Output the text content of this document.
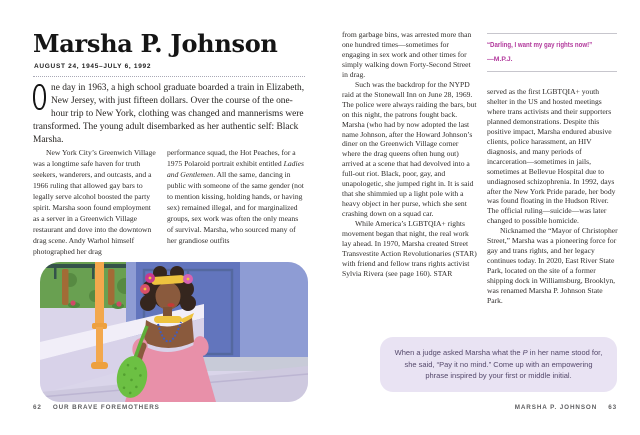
Marsha P. Johnson
AUGUST 24, 1945–JULY 6, 1992
ne day in 1963, a high school graduate boarded a train in Elizabeth, New Jersey, with just fifteen dollars. Over the course of the one-hour trip to New York, clothing was changed and mannerisms were transformed. The young adult disembarked as her authentic self: Black Marsha.

New York City’s Greenwich Village was a longtime safe haven for truth seekers, wanderers, and outcasts, and a 1966 ruling that allowed gay bars to legally serve alcohol boosted the party spirit. Marsha soon found employment as a server in a Greenwich Village restaurant and dove into the downtown drag scene. Andy Warhol himself photographed her drag

performance squad, the Hot Peaches, for a 1975 Polaroid portrait exhibit entitled Ladies and Gentlemen. All the same, dancing in public with someone of the same gender (not to mention kissing, holding hands, or having sex) remained illegal, and for marginalized groups, sex work was often the only means of survival. Marsha, who sourced many of her grandiose outfits

62 OUR BRAVE FOREMOTHERS

from garbage bins, was arrested more than one hundred times—sometimes for engaging in sex work and other times for simply walking down Forty-Second Street in drag.

Such was the backdrop for the NYPD raid at the Stonewall Inn on June 28, 1969. The police were always raiding the bars, but on this night, the patrons fought back. Marsha (who had by now adopted the last name Johnson, after the Howard Johnson’s diner on the Greenwich Village corner where the drag queens often hung out) arrived at a scene that had devolved into a full-out riot. Black, poor, gay, and unapologetic, she jumped right in. It is said that she shimmied up a light pole with a heavy object in her purse, which she sent crashing down on a squad car.

While America’s LGBTQIA+ rights movement began that night, the real work lay ahead. In 1970, Marsha created Street Transvestite Action Revolutionaries (STAR) with friend and fellow trans rights activist Sylvia Rivera (see page 160). STAR

“Darling, I want my gay rights now!”
—M.P.J.

served as the first LGBTQIA+ youth shelter in the US and hosted meetings where trans activists and their supporters planned demonstrations. Despite this positive impact, Marsha endured abusive clients, police harassment, an HIV diagnosis, and many periods of incarceration—sometimes in jails, sometimes at Bellevue Hospital due to undiagnosed schizophrenia. In 1992, days after the New York Pride parade, her body was found floating in the Hudson River. The official ruling—suicide—was later changed to possible homicide.

Nicknamed the “Mayor of Christopher Street,” Marsha was a pioneering force for gay and trans rights, and her legacy continues today. In 2020, East River State Park, located on the site of a former shipping dock in Williamsburg, Brooklyn, was renamed Marsha P. Johnson State Park.

When a judge asked Marsha what the P in her name stood for, she said, “Pay it no mind.” Come up with an empowering phrase inspired by your first or middle initial.
MARSHA P. JOHNSON 63
